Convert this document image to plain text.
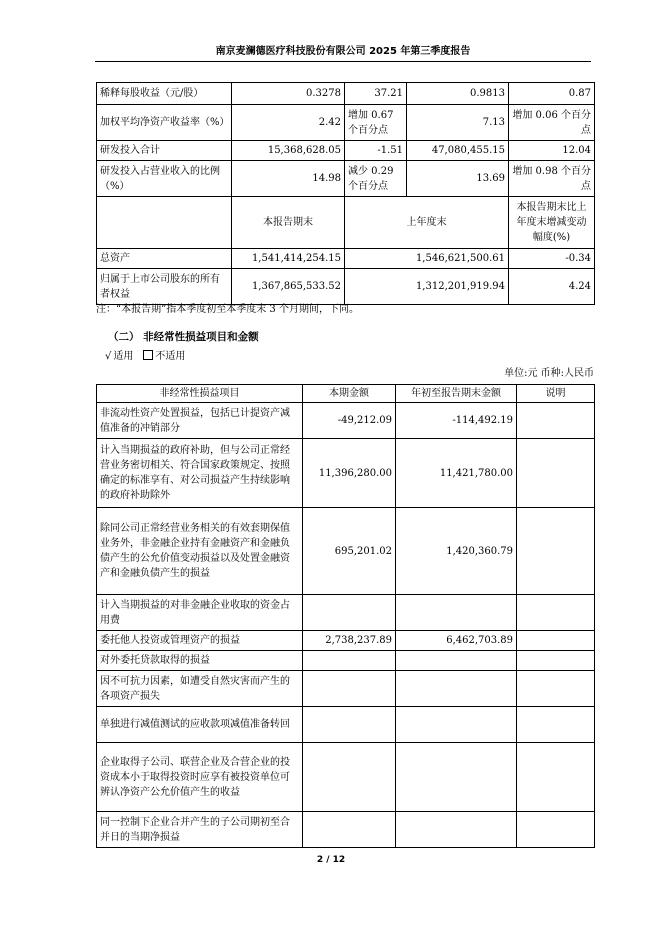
南京麦澜德医疗科技股份有限公司 2025 年第三季度报告
稀释每股收益（元/股）	0.3278	37.21	0.9813	0.87
加权平均净资产收益率（%）	2.42	增加 0.67 个百分点	7.13	增加 0.06 个百分点
研发投入合计	15,368,628.05	-1.51	47,080,455.15	12.04
研发投入占营业收入的比例（%）	14.98	减少 0.29 个百分点	13.69	增加 0.98 个百分点
	本报告期末	上年度末		本报告期末比上年度末增减变动幅度(%)
总资产	1,541,414,254.15	1,546,621,500.61		-0.34
归属于上市公司股东的所有者权益	1,367,865,533.52	1,312,201,919.94		4.24
注：“本报告期”指本季度初至本季度末 3 个月期间，下同。
（二） 非经常性损益项目和金额
√ 适用 不适用
单位:元 币种:人民币
非经常性损益项目	本期金额	年初至报告期末金额	说明
非流动性资产处置损益，包括已计提资产减值准备的冲销部分	-49,212.09	-114,492.19	
计入当期损益的政府补助，但与公司正常经营业务密切相关、符合国家政策规定、按照确定的标准享有、对公司损益产生持续影响的政府补助除外	11,396,280.00	11,421,780.00	
除同公司正常经营业务相关的有效套期保值业务外，非金融企业持有金融资产和金融负债产生的公允价值变动损益以及处置金融资产和金融负债产生的损益	695,201.02	1,420,360.79	
计入当期损益的对非金融企业收取的资金占用费			
委托他人投资或管理资产的损益	2,738,237.89	6,462,703.89	
对外委托贷款取得的损益			
因不可抗力因素，如遭受自然灾害而产生的各项资产损失			
单独进行减值测试的应收款项减值准备转回			
企业取得子公司、联营企业及合营企业的投资成本小于取得投资时应享有被投资单位可辨认净资产公允价值产生的收益			
同一控制下企业合并产生的子公司期初至合并日的当期净损益			
2 / 12
